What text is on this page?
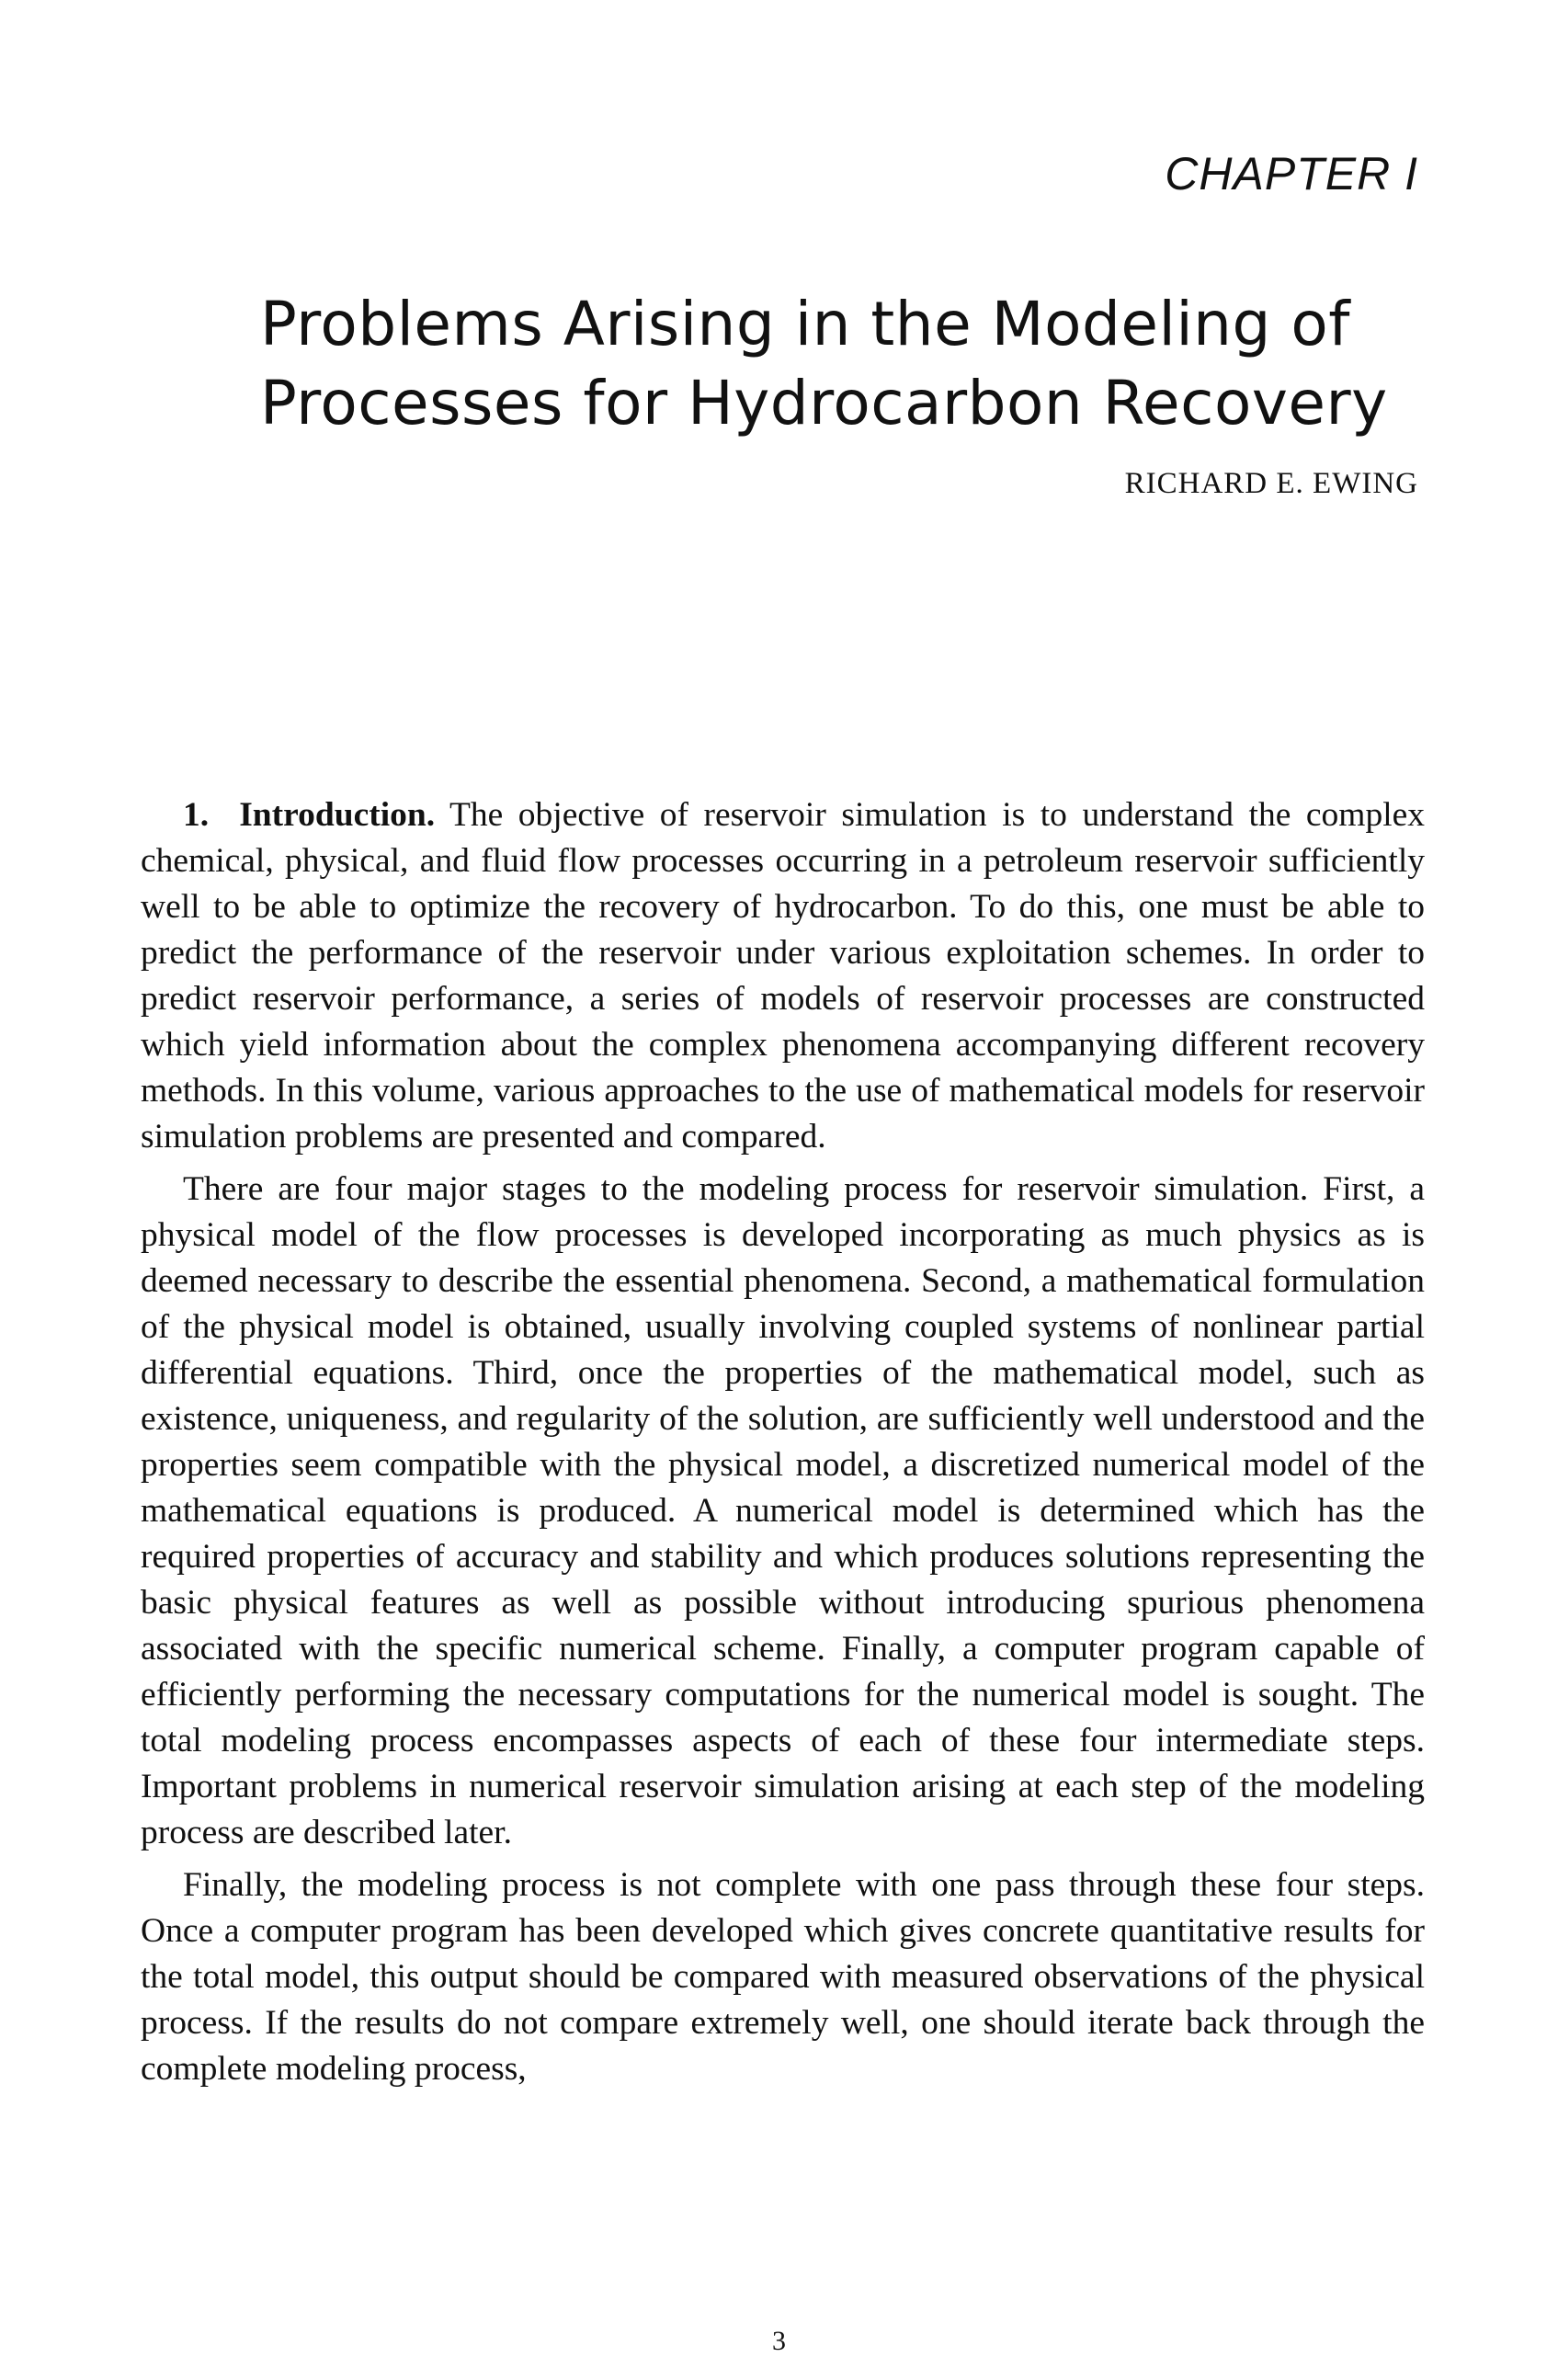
CHAPTER I
Problems Arising in the Modeling of
Processes for Hydrocarbon Recovery
RICHARD E. EWING

1. Introduction. The objective of reservoir simulation is to understand the complex chemical, physical, and fluid flow processes occurring in a petroleum reservoir sufficiently well to be able to optimize the recovery of hydrocarbon. To do this, one must be able to predict the performance of the reservoir under various exploitation schemes. In order to predict reservoir performance, a series of models of reservoir processes are constructed which yield information about the complex phenomena accompanying different recovery methods. In this volume, various approaches to the use of mathematical models for reservoir simulation problems are presented and compared.

There are four major stages to the modeling process for reservoir simulation. First, a physical model of the flow processes is developed incorporating as much physics as is deemed necessary to describe the essential phenomena. Second, a mathematical formulation of the physical model is obtained, usually involving coupled systems of nonlinear partial differential equations. Third, once the properties of the mathematical model, such as existence, uniqueness, and regularity of the solution, are sufficiently well understood and the properties seem compatible with the physical model, a discretized numerical model of the mathematical equations is produced. A numerical model is determined which has the required properties of accuracy and stability and which produces solutions representing the basic physical features as well as possible without introducing spurious phenomena associated with the specific numerical scheme. Finally, a computer program capable of efficiently performing the necessary computations for the numerical model is sought. The total modeling process encompasses aspects of each of these four intermediate steps. Important problems in numerical reservoir simulation arising at each step of the modeling process are described later.

Finally, the modeling process is not complete with one pass through these four steps. Once a computer program has been developed which gives concrete quantitative results for the total model, this output should be compared with measured observations of the physical process. If the results do not compare extremely well, one should iterate back through the complete modeling process,

3
